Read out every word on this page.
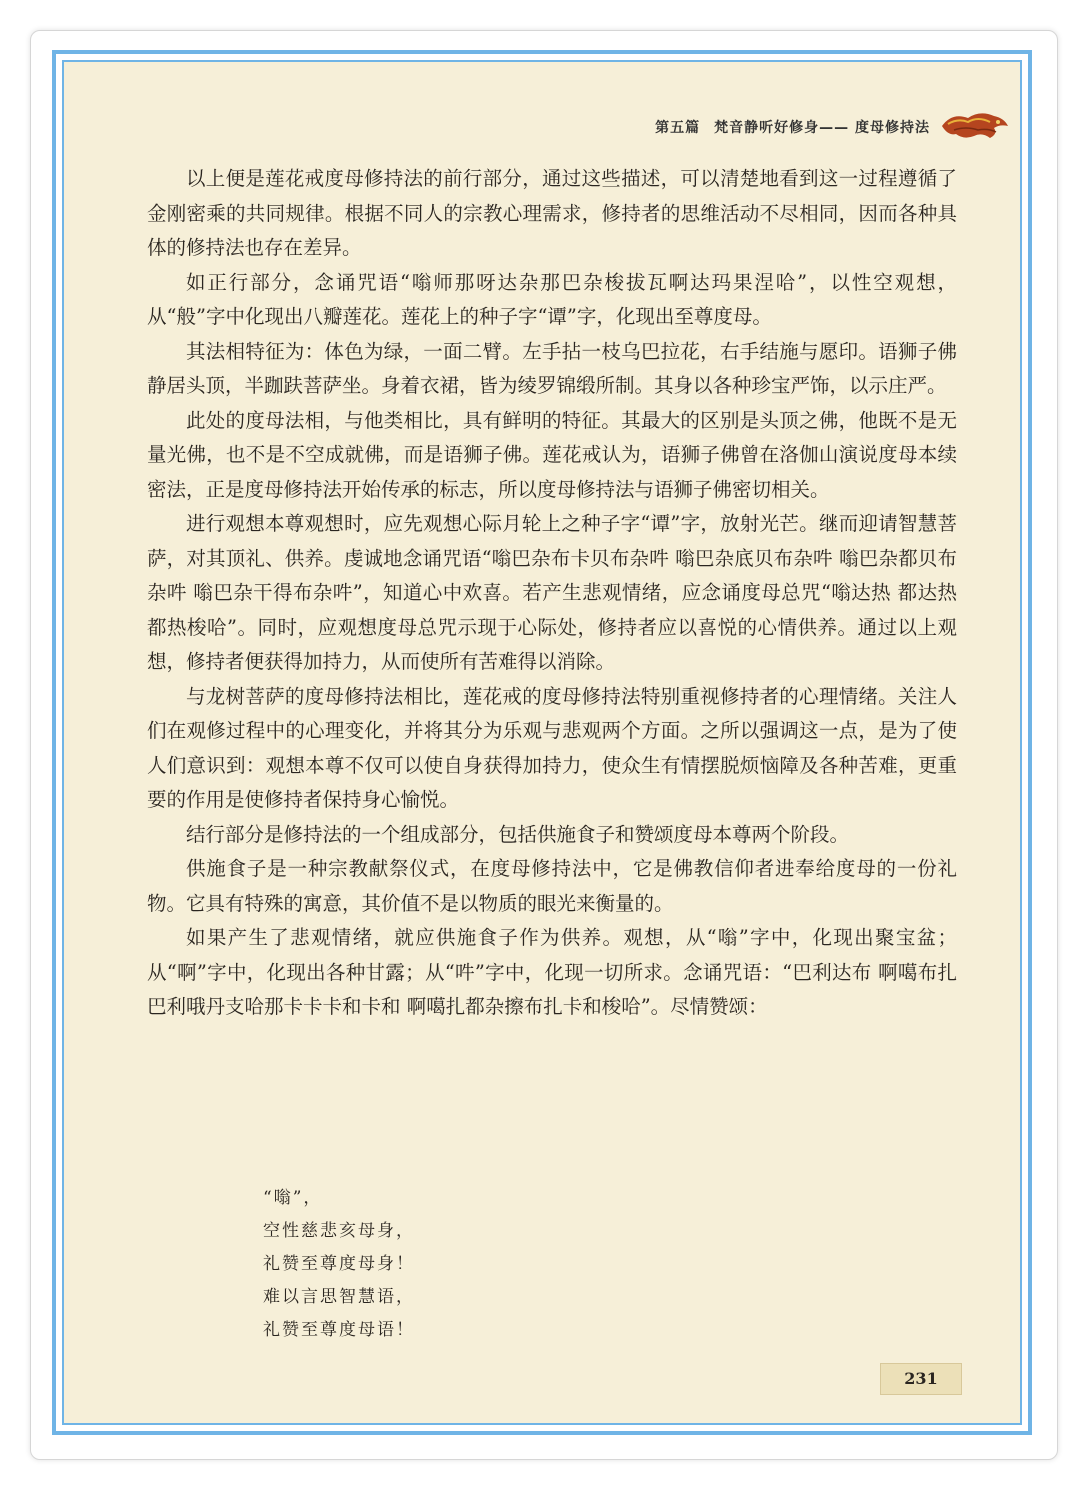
第五篇 梵音静听好修身—— 度母修持法

以上便是莲花戒度母修持法的前行部分，通过这些描述，可以清楚地看到这一过程遵循了金刚密乘的共同规律。根据不同人的宗教心理需求，修持者的思维活动不尽相同，因而各种具体的修持法也存在差异。

如正行部分，念诵咒语“嗡师那呀达杂那巴杂梭拔瓦啊达玛果涅哈”，以性空观想，从“般”字中化现出八瓣莲花。莲花上的种子字“谭”字，化现出至尊度母。

其法相特征为：体色为绿，一面二臂。左手拈一枝乌巴拉花，右手结施与愿印。语狮子佛静居头顶，半跏趺菩萨坐。身着衣裙，皆为绫罗锦缎所制。其身以各种珍宝严饰，以示庄严。

此处的度母法相，与他类相比，具有鲜明的特征。其最大的区别是头顶之佛，他既不是无量光佛，也不是不空成就佛，而是语狮子佛。莲花戒认为，语狮子佛曾在洛伽山演说度母本续密法，正是度母修持法开始传承的标志，所以度母修持法与语狮子佛密切相关。

进行观想本尊观想时，应先观想心际月轮上之种子字“谭”字，放射光芒。继而迎请智慧菩萨，对其顶礼、供养。虔诚地念诵咒语“嗡巴杂布卡贝布杂吽 嗡巴杂底贝布杂吽 嗡巴杂都贝布杂吽 嗡巴杂干得布杂吽”，知道心中欢喜。若产生悲观情绪，应念诵度母总咒“嗡达热 都达热 都热梭哈”。同时，应观想度母总咒示现于心际处，修持者应以喜悦的心情供养。通过以上观想，修持者便获得加持力，从而使所有苦难得以消除。

与龙树菩萨的度母修持法相比，莲花戒的度母修持法特别重视修持者的心理情绪。关注人们在观修过程中的心理变化，并将其分为乐观与悲观两个方面。之所以强调这一点，是为了使人们意识到：观想本尊不仅可以使自身获得加持力，使众生有情摆脱烦恼障及各种苦难，更重要的作用是使修持者保持身心愉悦。

结行部分是修持法的一个组成部分，包括供施食子和赞颂度母本尊两个阶段。

供施食子是一种宗教献祭仪式，在度母修持法中，它是佛教信仰者进奉给度母的一份礼物。它具有特殊的寓意，其价值不是以物质的眼光来衡量的。

如果产生了悲观情绪，就应供施食子作为供养。观想，从“嗡”字中，化现出聚宝盆；从“啊”字中，化现出各种甘露；从“吽”字中，化现一切所求。念诵咒语：“巴利达布 啊噶布扎 巴利哦丹支哈那卡卡卡和卡和 啊噶扎都杂擦布扎卡和梭哈”。尽情赞颂：

“嗡”，
空性慈悲亥母身，
礼赞至尊度母身！
难以言思智慧语，
礼赞至尊度母语！
231
